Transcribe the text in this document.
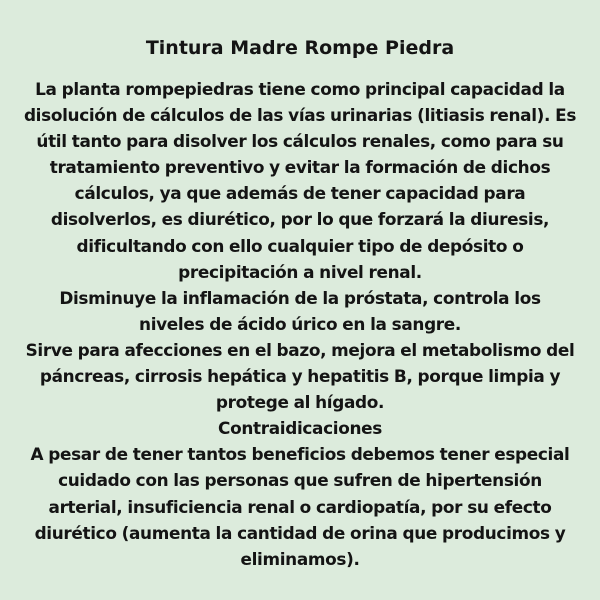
Tintura Madre Rompe Piedra
La planta rompepiedras tiene como principal capacidad la
disolución de cálculos de las vías urinarias (litiasis renal). Es
útil tanto para disolver los cálculos renales, como para su
tratamiento preventivo y evitar la formación de dichos
cálculos, ya que además de tener capacidad para
disolverlos, es diurético, por lo que forzará la diuresis,
dificultando con ello cualquier tipo de depósito o
precipitación a nivel renal.
Disminuye la inflamación de la próstata, controla los
niveles de ácido úrico en la sangre.
Sirve para afecciones en el bazo, mejora el metabolismo del
páncreas, cirrosis hepática y hepatitis B, porque limpia y
protege al hígado.
Contraidicaciones
A pesar de tener tantos beneficios debemos tener especial
cuidado con las personas que sufren de hipertensión
arterial, insuficiencia renal o cardiopatía, por su efecto
diurético (aumenta la cantidad de orina que producimos y
eliminamos).
